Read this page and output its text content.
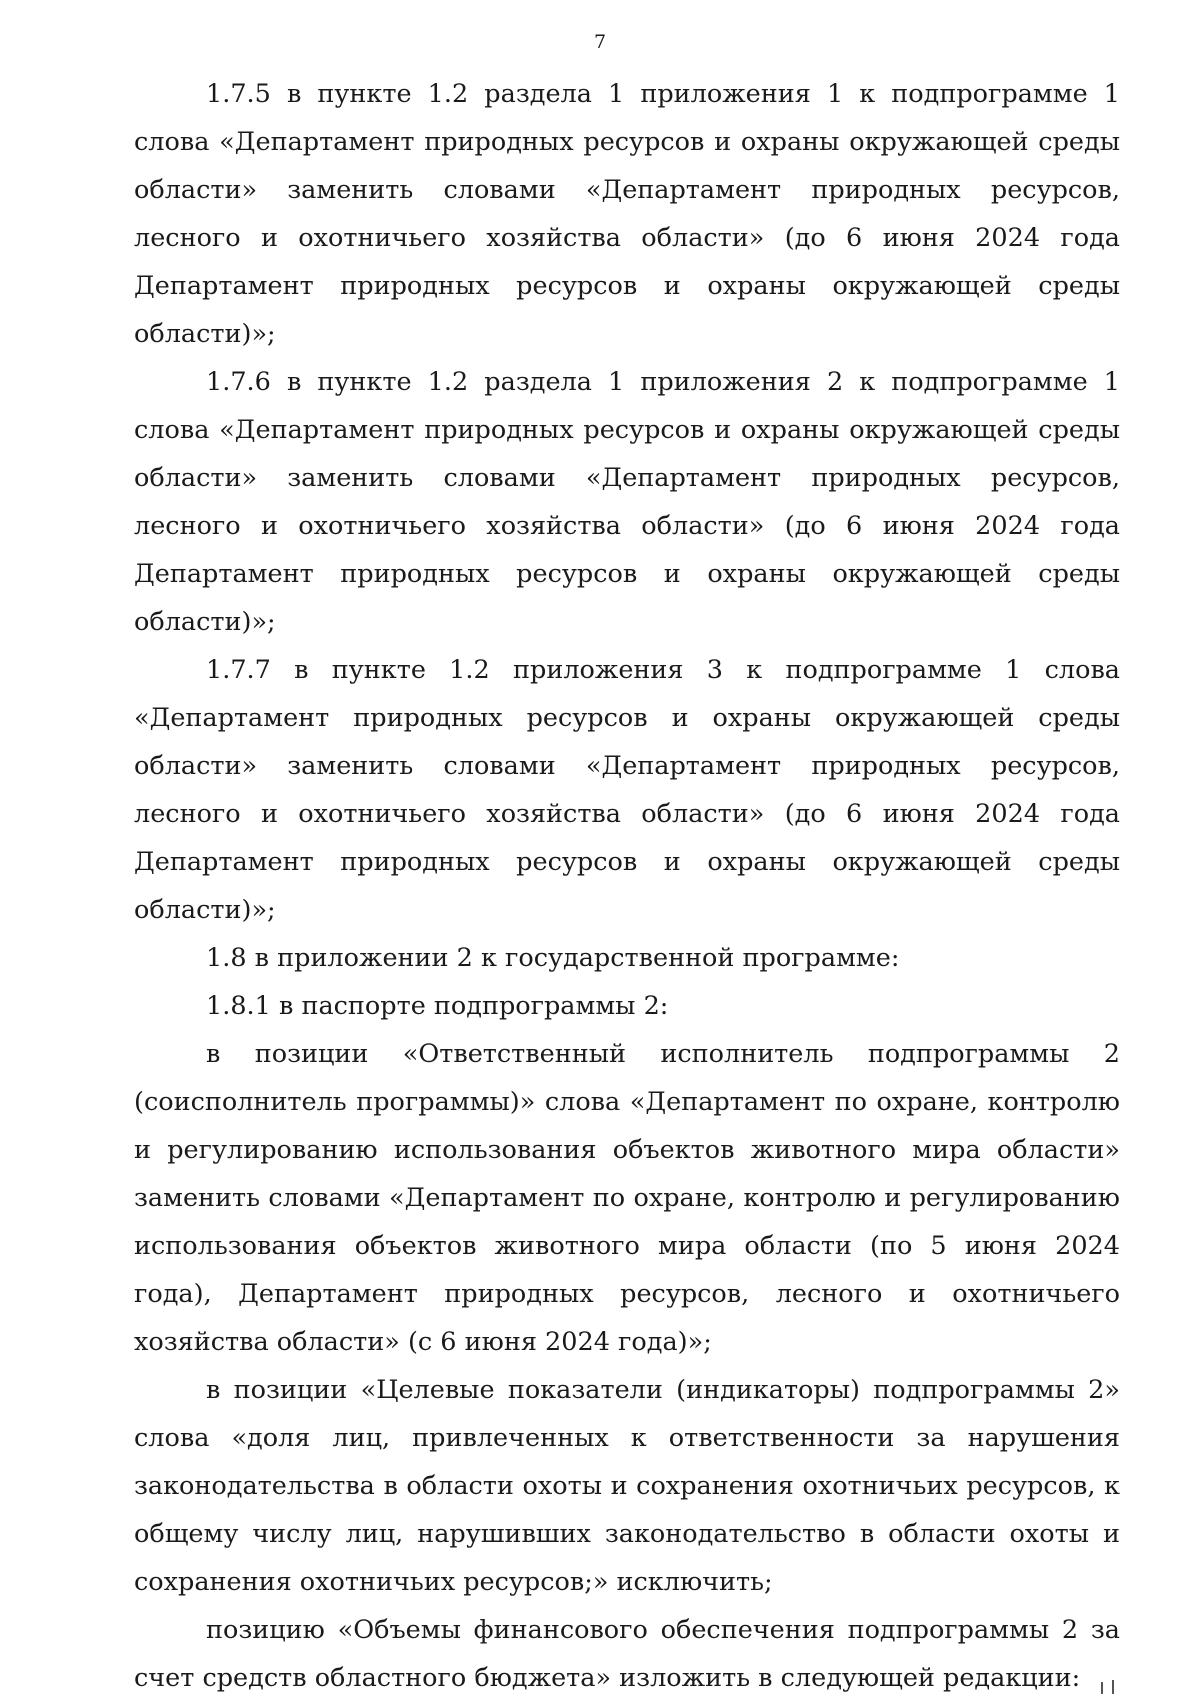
7

1.7.5 в пункте 1.2 раздела 1 приложения 1 к подпрограмме 1 слова «Департамент природных ресурсов и охраны окружающей среды области» заменить словами «Департамент природных ресурсов, лесного и охотничьего хозяйства области» (до 6 июня 2024 года Департамент природных ресурсов и охраны окружающей среды области)»;

1.7.6 в пункте 1.2 раздела 1 приложения 2 к подпрограмме 1 слова «Департамент природных ресурсов и охраны окружающей среды области» заменить словами «Департамент природных ресурсов, лесного и охотничьего хозяйства области» (до 6 июня 2024 года Департамент природных ресурсов и охраны окружающей среды области)»;

1.7.7 в пункте 1.2 приложения 3 к подпрограмме 1 слова «Департамент природных ресурсов и охраны окружающей среды области» заменить словами «Департамент природных ресурсов, лесного и охотничьего хозяйства области» (до 6 июня 2024 года Департамент природных ресурсов и охраны окружающей среды области)»;

1.8 в приложении 2 к государственной программе:

1.8.1 в паспорте подпрограммы 2:

в позиции «Ответственный исполнитель подпрограммы 2 (соисполнитель программы)» слова «Департамент по охране, контролю и регулированию использования объектов животного мира области» заменить словами «Департамент по охране, контролю и регулированию использования объектов животного мира области (по 5 июня 2024 года), Департамент природных ресурсов, лесного и охотничьего хозяйства области» (с 6 июня 2024 года)»;

в позиции «Целевые показатели (индикаторы) подпрограммы 2» слова «доля лиц, привлеченных к ответственности за нарушения законодательства в области охоты и сохранения охотничьих ресурсов, к общему числу лиц, нарушивших законодательство в области охоты и сохранения охотничьих ресурсов;» исключить;

позицию «Объемы финансового обеспечения подпрограммы 2 за счет средств областного бюджета» изложить в следующей редакции:
